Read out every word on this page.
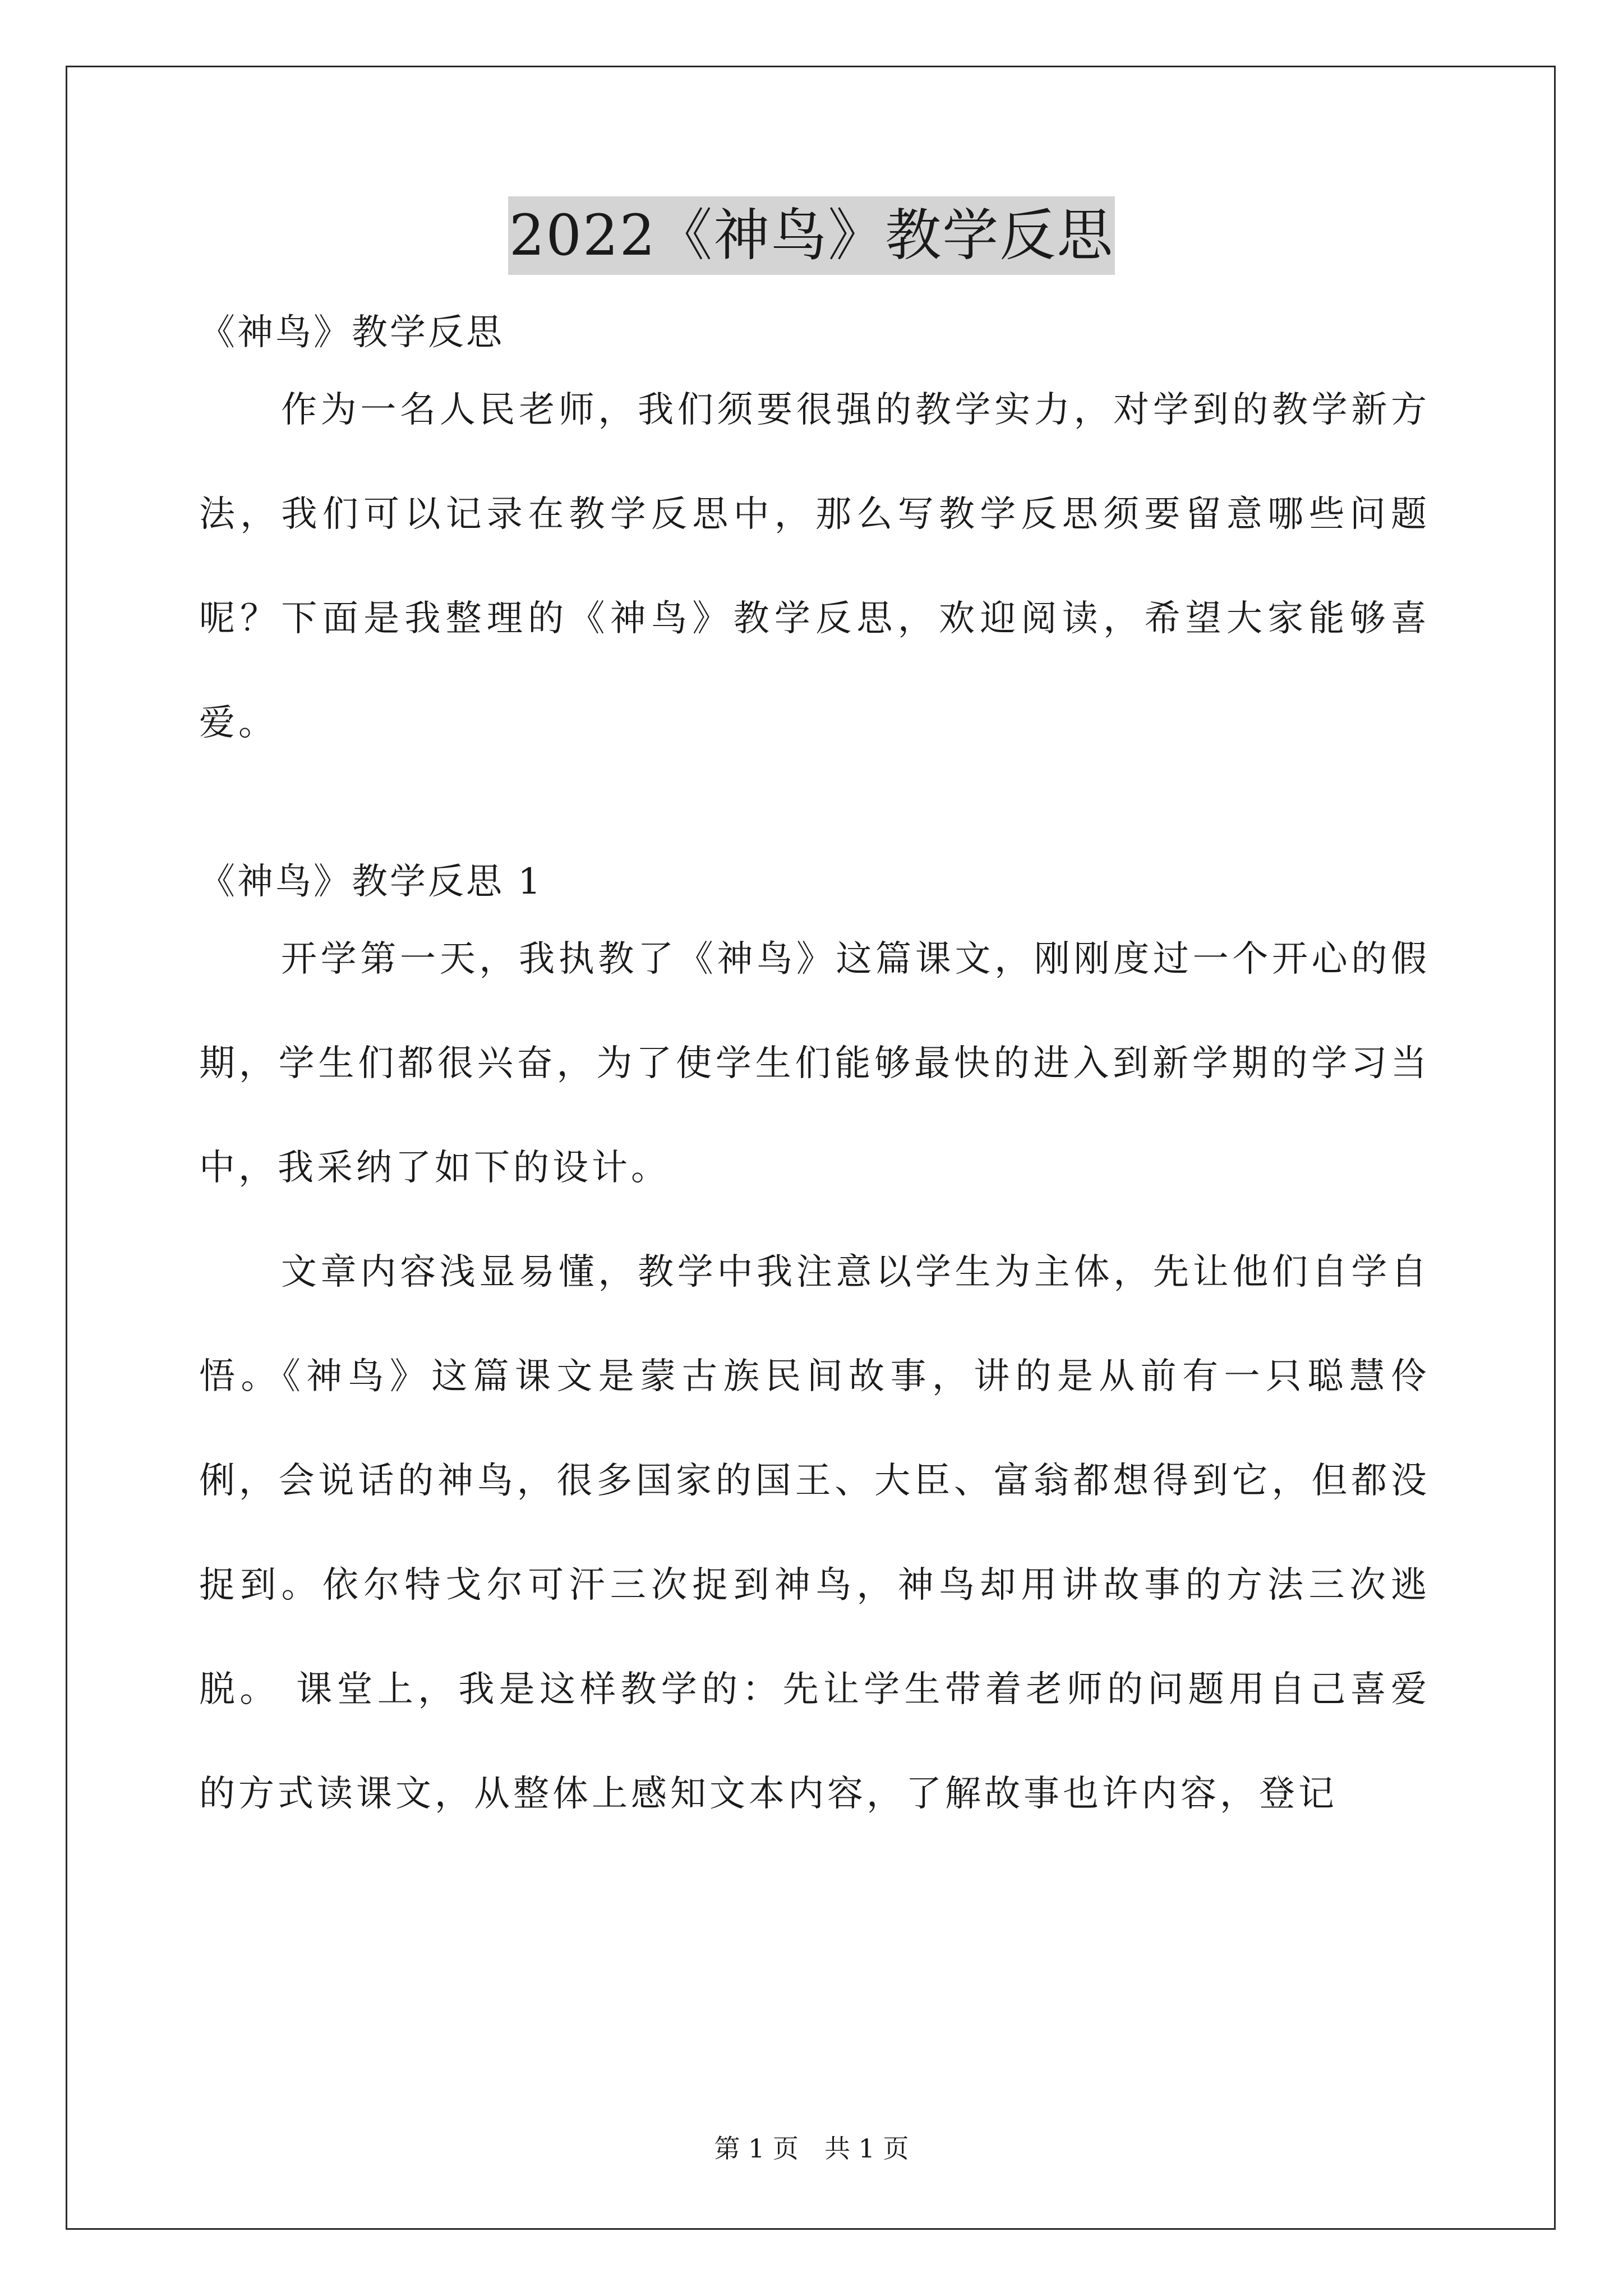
2022《神鸟》教学反思

《神鸟》教学反思

作为一名人民老师，我们须要很强的教学实力，对学到的教学新方法，我们可以记录在教学反思中，那么写教学反思须要留意哪些问题呢？下面是我整理的《神鸟》教学反思，欢迎阅读，希望大家能够喜爱。

《神鸟》教学反思 1

开学第一天，我执教了《神鸟》这篇课文，刚刚度过一个开心的假期，学生们都很兴奋，为了使学生们能够最快的进入到新学期的学习当中，我采纳了如下的设计。

文章内容浅显易懂，教学中我注意以学生为主体，先让他们自学自悟。《神鸟》这篇课文是蒙古族民间故事，讲的是从前有一只聪慧伶俐，会说话的神鸟，很多国家的国王、大臣、富翁都想得到它，但都没捉到。依尔特戈尔可汗三次捉到神鸟，神鸟却用讲故事的方法三次逃脱。 课堂上，我是这样教学的：先让学生带着老师的问题用自己喜爱的方式读课文，从整体上感知文本内容，了解故事也许内容，登记

第 1 页　共 1 页
